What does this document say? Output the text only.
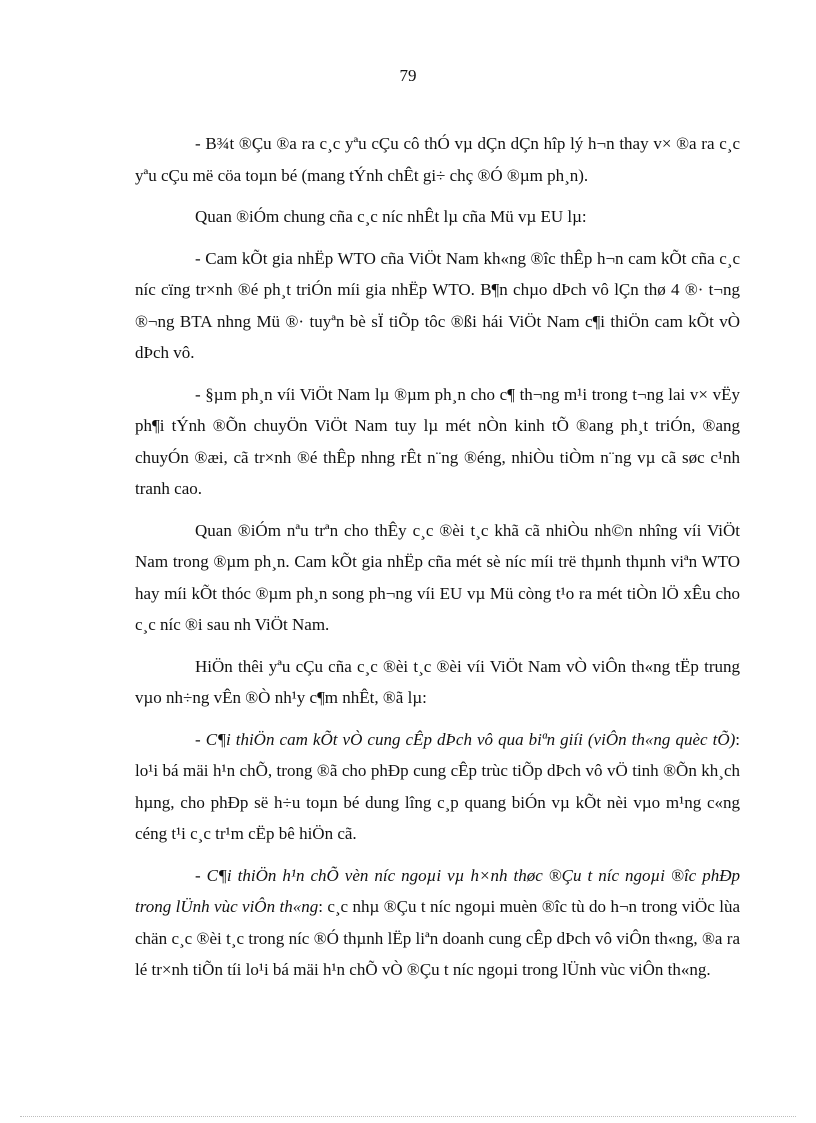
79

- B¾t ®Çu ®a ra c¸c yªu cÇu cô thÓ vµ dÇn dÇn hîp lý h¬n thay v× ®a ra c¸c yªu cÇu më cöa toµn bé (mang tÝnh chÊt gi÷ chç ®Ó ®µm ph¸n).

Quan ®iÓm chung cña c¸c níc nhÊt lµ cña Mü vµ EU lµ:

- Cam kÕt gia nhËp WTO cña ViÖt Nam kh«ng ®îc thÊp h¬n cam kÕt cña c¸c níc cïng tr×nh ®é ph¸t triÓn míi gia nhËp WTO. B¶n chµo dÞch vô lÇn thø 4 ®· t¬ng ®¬ng BTA nhng Mü ®· tuyªn bè sÏ tiÕp tôc ®ßi hái ViÖt Nam c¶i thiÖn cam kÕt vÒ dÞch vô.

- §µm ph¸n víi ViÖt Nam lµ ®µm ph¸n cho c¶ th¬ng m¹i trong t¬ng lai v× vËy ph¶i tÝnh ®Õn chuyÖn ViÖt Nam tuy lµ mét nÒn kinh tÕ ®ang ph¸t triÓn, ®ang chuyÓn ®æi, cã tr×nh ®é thÊp nhng rÊt n¨ng ®éng, nhiÒu tiÒm n¨ng vµ cã søc c¹nh tranh cao.

Quan ®iÓm nªu trªn cho thÊy c¸c ®èi t¸c khã cã nhiÒu nh©n nhîng víi ViÖt Nam trong ®µm ph¸n. Cam kÕt gia nhËp cña mét sè níc míi trë thµnh thµnh viªn WTO hay míi kÕt thóc ®µm ph¸n song ph¬ng víi EU vµ Mü còng t¹o ra mét tiÒn lÖ xÊu cho c¸c níc ®i sau nh ViÖt Nam.

HiÖn thêi yªu cÇu cña c¸c ®èi t¸c ®èi víi ViÖt Nam vÒ viÔn th«ng tËp trung vµo nh÷ng vÊn ®Ò nh¹y c¶m nhÊt, ®ã lµ:

- C¶i thiÖn cam kÕt vÒ cung cÊp dÞch vô qua biªn giíi (viÔn th«ng quèc tÕ): lo¹i bá mäi h¹n chÕ, trong ®ã cho phÐp cung cÊp trùc tiÕp dÞch vô vÖ tinh ®Õn kh¸ch hµng, cho phÐp së h÷u toµn bé dung lîng c¸p quang biÓn vµ kÕt nèi vµo m¹ng c«ng céng t¹i c¸c tr¹m cËp bê hiÖn cã.

- C¶i thiÖn h¹n chÕ vèn níc ngoµi vµ h×nh thøc ®Çu t níc ngoµi ®îc phÐp trong lÜnh vùc viÔn th«ng: c¸c nhµ ®Çu t níc ngoµi muèn ®îc tù do h¬n trong viÖc lùa chän c¸c ®èi t¸c trong níc ®Ó thµnh lËp liªn doanh cung cÊp dÞch vô viÔn th«ng, ®a ra lé tr×nh tiÕn tíi lo¹i bá mäi h¹n chÕ vÒ ®Çu t níc ngoµi trong lÜnh vùc viÔn th«ng.
